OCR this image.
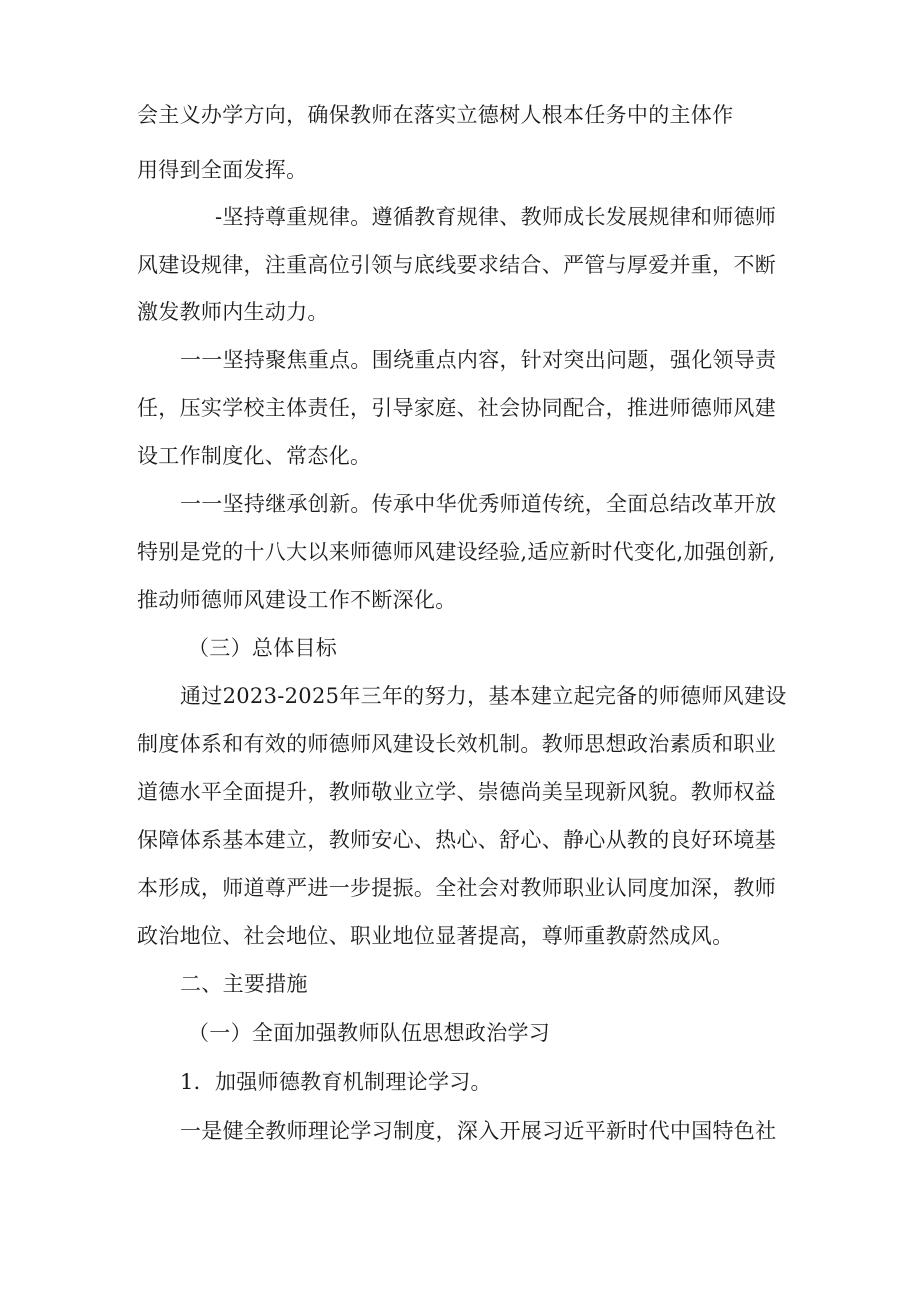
会主义办学方向，确保教师在落实立德树人根本任务中的主体作
用得到全面发挥。
-坚持尊重规律。遵循教育规律、教师成长发展规律和师德师
风建设规律，注重高位引领与底线要求结合、严管与厚爱并重，不断
激发教师内生动力。
一一坚持聚焦重点。围绕重点内容，针对突出问题，强化领导责
任，压实学校主体责任，引导家庭、社会协同配合，推进师德师风建
设工作制度化、常态化。
一一坚持继承创新。传承中华优秀师道传统，全面总结改革开放
特别是党的十八大以来师德师风建设经验,适应新时代变化,加强创新,
推动师德师风建设工作不断深化。
（三）总体目标
通过2023-2025年三年的努力，基本建立起完备的师德师风建设
制度体系和有效的师德师风建设长效机制。教师思想政治素质和职业
道德水平全面提升，教师敬业立学、崇德尚美呈现新风貌。教师权益
保障体系基本建立，教师安心、热心、舒心、静心从教的良好环境基
本形成，师道尊严进一步提振。全社会对教师职业认同度加深，教师
政治地位、社会地位、职业地位显著提高，尊师重教蔚然成风。
二、主要措施
（一）全面加强教师队伍思想政治学习
1．加强师德教育机制理论学习。
一是健全教师理论学习制度，深入开展习近平新时代中国特色社
